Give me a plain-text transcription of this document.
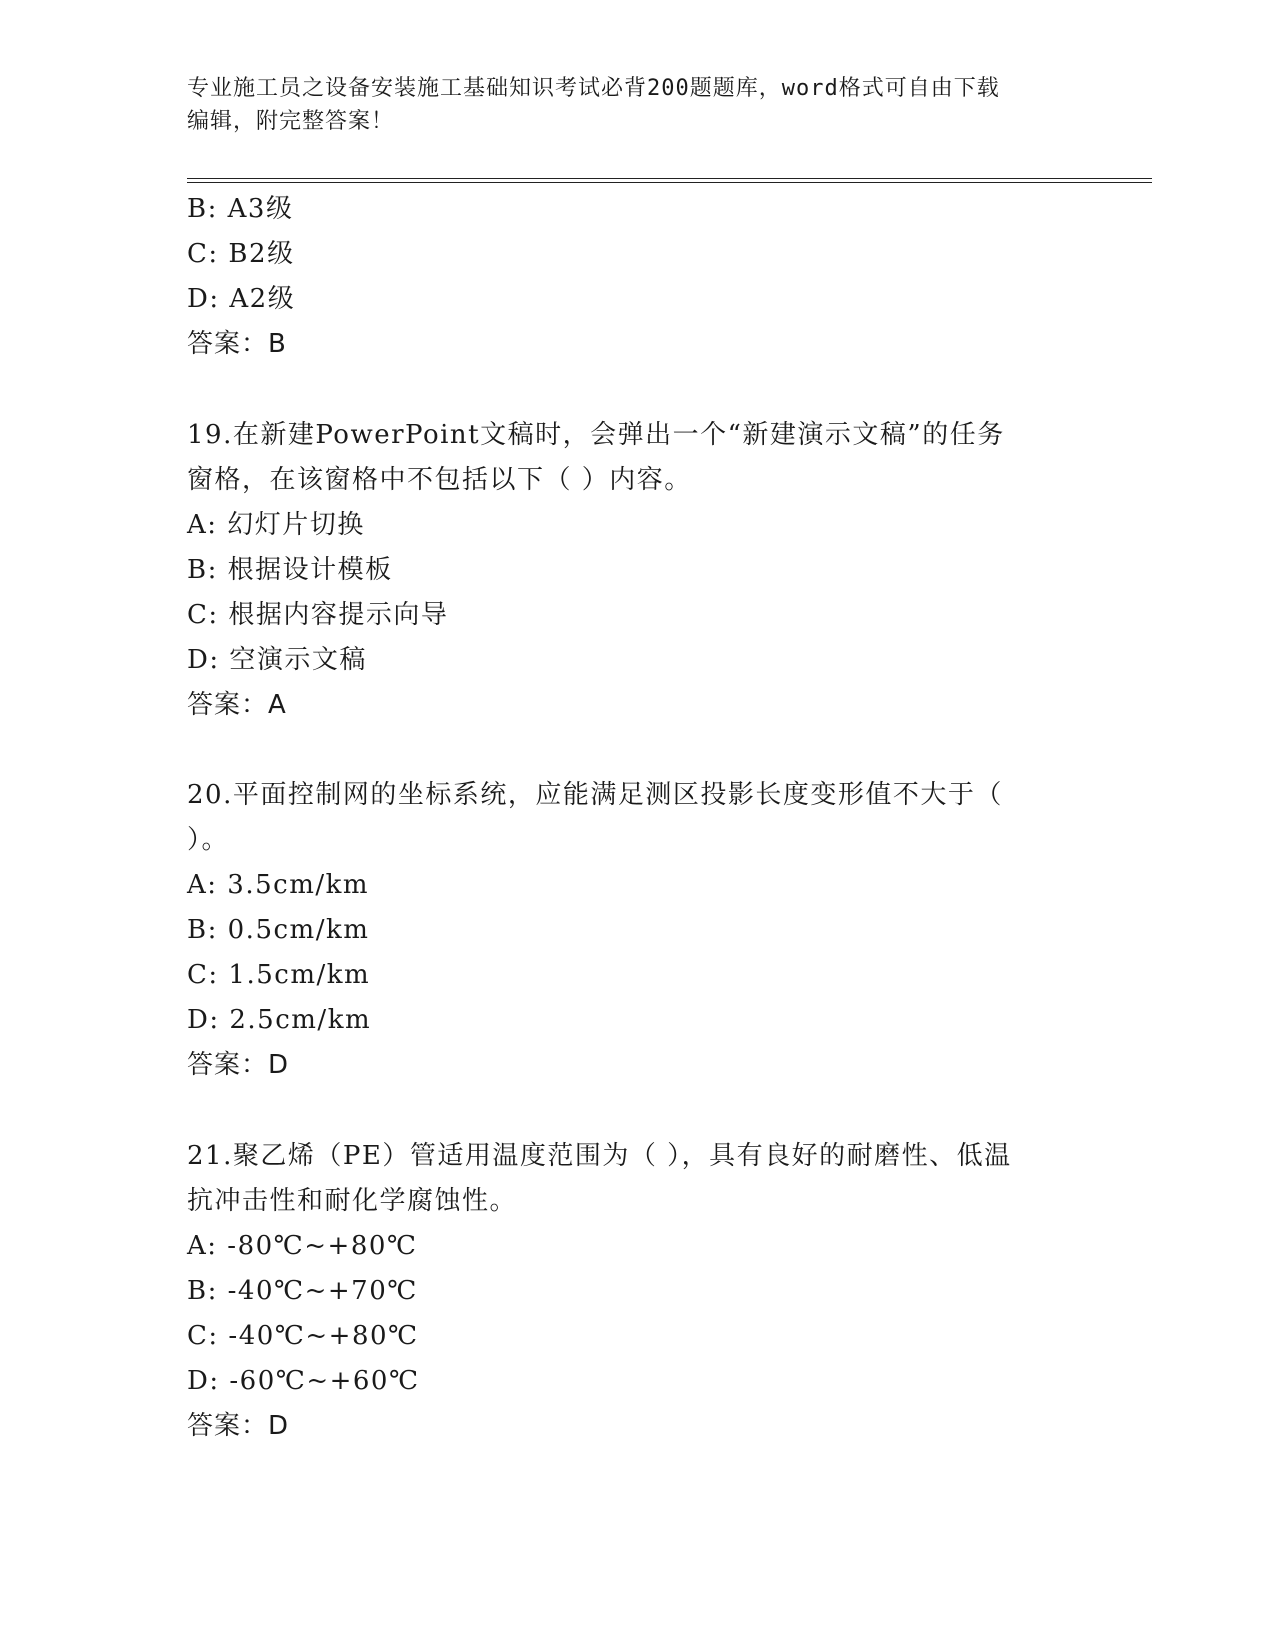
专业施工员之设备安装施工基础知识考试必背200题题库，word格式可自由下载
编辑，附完整答案！
B: A3级
C: B2级
D: A2级
答案：B
19.在新建PowerPoint文稿时，会弹出一个“新建演示文稿”的任务
窗格，在该窗格中不包括以下（ ）内容。
A: 幻灯片切换
B: 根据设计模板
C: 根据内容提示向导
D: 空演示文稿
答案：A
20.平面控制网的坐标系统，应能满足测区投影长度变形值不大于（
）。
A: 3.5cm/km
B: 0.5cm/km
C: 1.5cm/km
D: 2.5cm/km
答案：D
21.聚乙烯（PE）管适用温度范围为（ ），具有良好的耐磨性、低温
抗冲击性和耐化学腐蚀性。
A: -80℃~+80℃
B: -40℃~+70℃
C: -40℃~+80℃
D: -60℃~+60℃
答案：D
